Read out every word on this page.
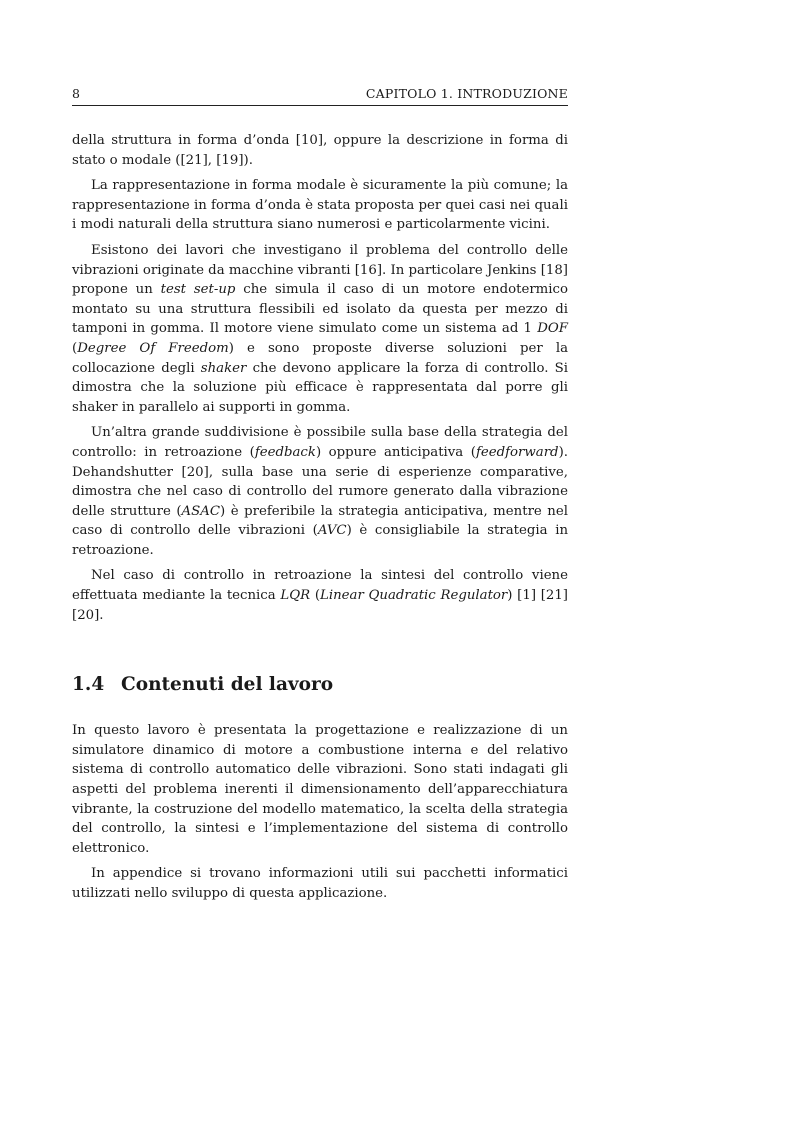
8	CAPITOLO 1. INTRODUZIONE

della struttura in forma d’onda [10], oppure la descrizione in forma di stato o modale ([21], [19]).

La rappresentazione in forma modale è sicuramente la più comune; la rappresentazione in forma d’onda è stata proposta per quei casi nei quali i modi naturali della struttura siano numerosi e particolarmente vicini.

Esistono dei lavori che investigano il problema del controllo delle vibrazioni originate da macchine vibranti [16]. In particolare Jenkins [18] propone un test set-up che simula il caso di un motore endotermico montato su una struttura flessibili ed isolato da questa per mezzo di tamponi in gomma. Il motore viene simulato come un sistema ad 1 DOF (Degree Of Freedom) e sono proposte diverse soluzioni per la collocazione degli shaker che devono applicare la forza di controllo. Si dimostra che la soluzione più efficace è rappresentata dal porre gli shaker in parallelo ai supporti in gomma.

Un’altra grande suddivisione è possibile sulla base della strategia del controllo: in retroazione (feedback) oppure anticipativa (feedforward). Dehandshutter [20], sulla base una serie di esperienze comparative, dimostra che nel caso di controllo del rumore generato dalla vibrazione delle strutture (ASAC) è preferibile la strategia anticipativa, mentre nel caso di controllo delle vibrazioni (AVC) è consigliabile la strategia in retroazione.

Nel caso di controllo in retroazione la sintesi del controllo viene effettuata mediante la tecnica LQR (Linear Quadratic Regulator) [1] [21] [20].

1.4 Contenuti del lavoro

In questo lavoro è presentata la progettazione e realizzazione di un simulatore dinamico di motore a combustione interna e del relativo sistema di controllo automatico delle vibrazioni. Sono stati indagati gli aspetti del problema inerenti il dimensionamento dell’apparecchiatura vibrante, la costruzione del modello matematico, la scelta della strategia del controllo, la sintesi e l’implementazione del sistema di controllo elettronico.

In appendice si trovano informazioni utili sui pacchetti informatici utilizzati nello sviluppo di questa applicazione.
